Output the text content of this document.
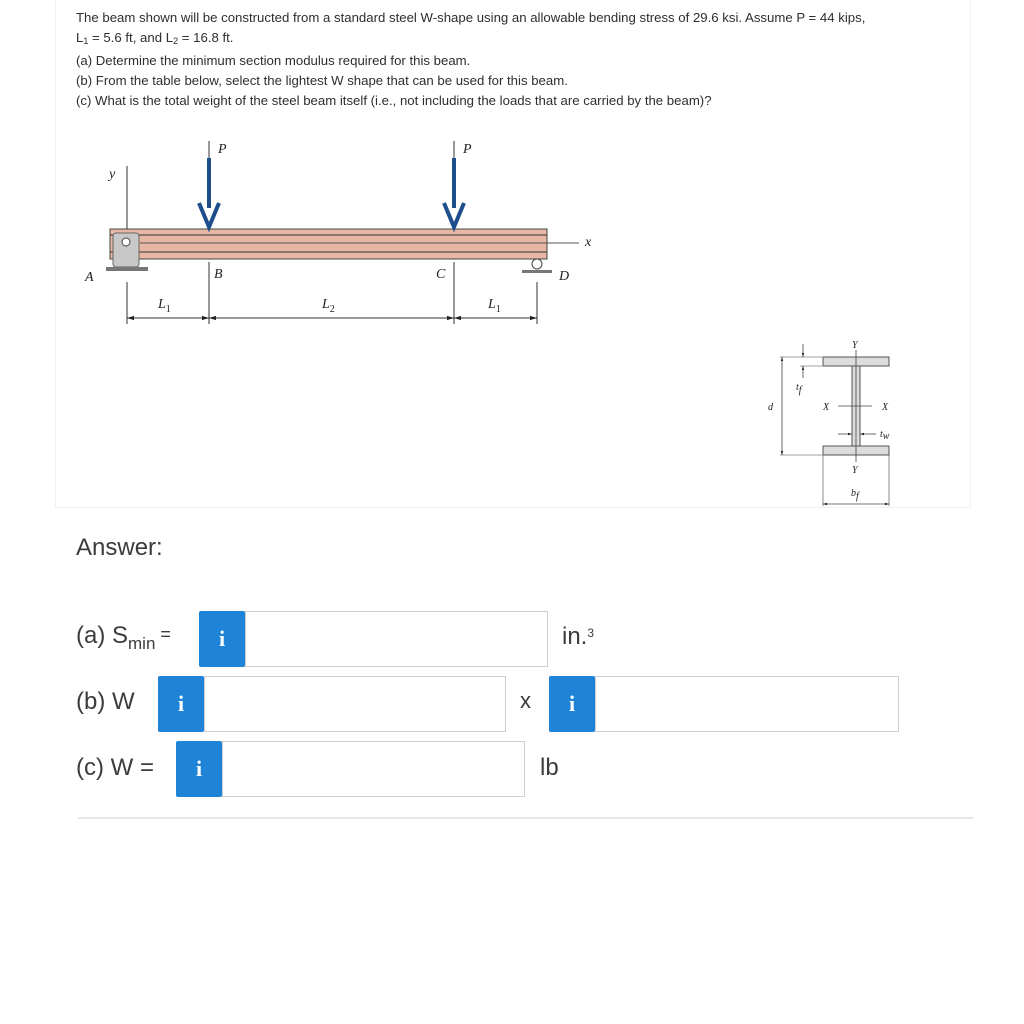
The beam shown will be constructed from a standard steel W-shape using an allowable bending stress of 29.6 ksi. Assume P = 44 kips,

$L_1 = 5.6$ ft, and $L_2 = 16.8$ ft.

(a) Determine the minimum section modulus required for this beam.

(b) From the table below, select the lightest W shape that can be used for this beam.

(c) What is the total weight of the steel beam itself (i.e., not including the loads that are carried by the beam)?

y
x
A	D
P	P
B	C
$L_1$	$L_2$	$L_1$
Y
Y
X	X
d
tf
tw
bf
Answer:
(a) $S_{min}$ =	i	in.$^3$
(b) W	i	x	i
(c) W =	i	lb
